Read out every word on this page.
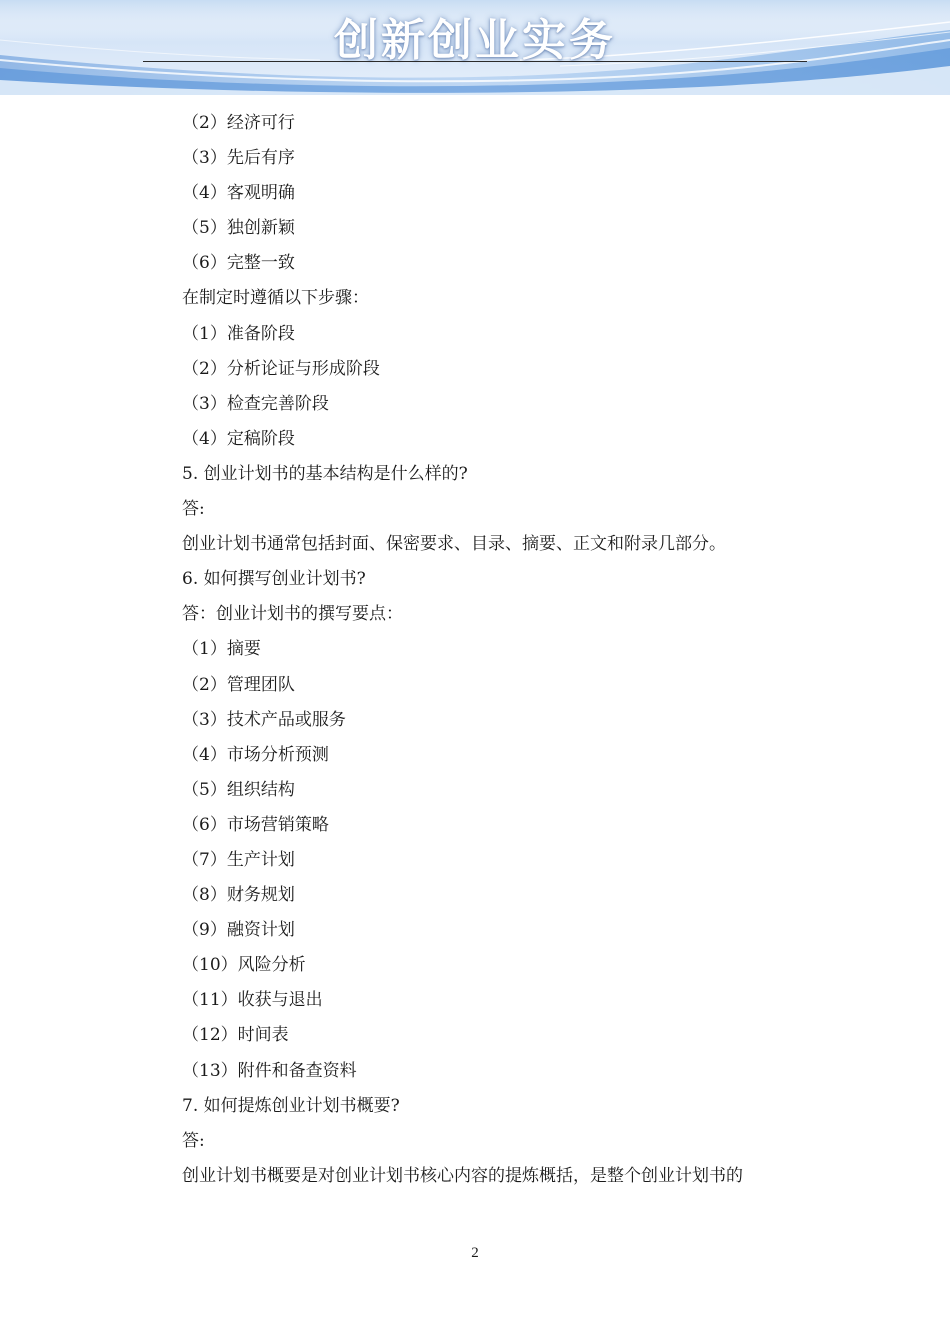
创新创业实务
（2）经济可行
（3）先后有序
（4）客观明确
（5）独创新颖
（6）完整一致
在制定时遵循以下步骤：
（1）准备阶段
（2）分析论证与形成阶段
（3）检查完善阶段
（4）定稿阶段
5. 创业计划书的基本结构是什么样的?
答:
创业计划书通常包括封面、保密要求、目录、摘要、正文和附录几部分。
6. 如何撰写创业计划书?
答：创业计划书的撰写要点：
（1）摘要
（2）管理团队
（3）技术产品或服务
（4）市场分析预测
（5）组织结构
（6）市场营销策略
（7）生产计划
（8）财务规划
（9）融资计划
（10）风险分析
（11）收获与退出
（12）时间表
（13）附件和备查资料
7. 如何提炼创业计划书概要?
答:
创业计划书概要是对创业计划书核心内容的提炼概括，是整个创业计划书的
2
